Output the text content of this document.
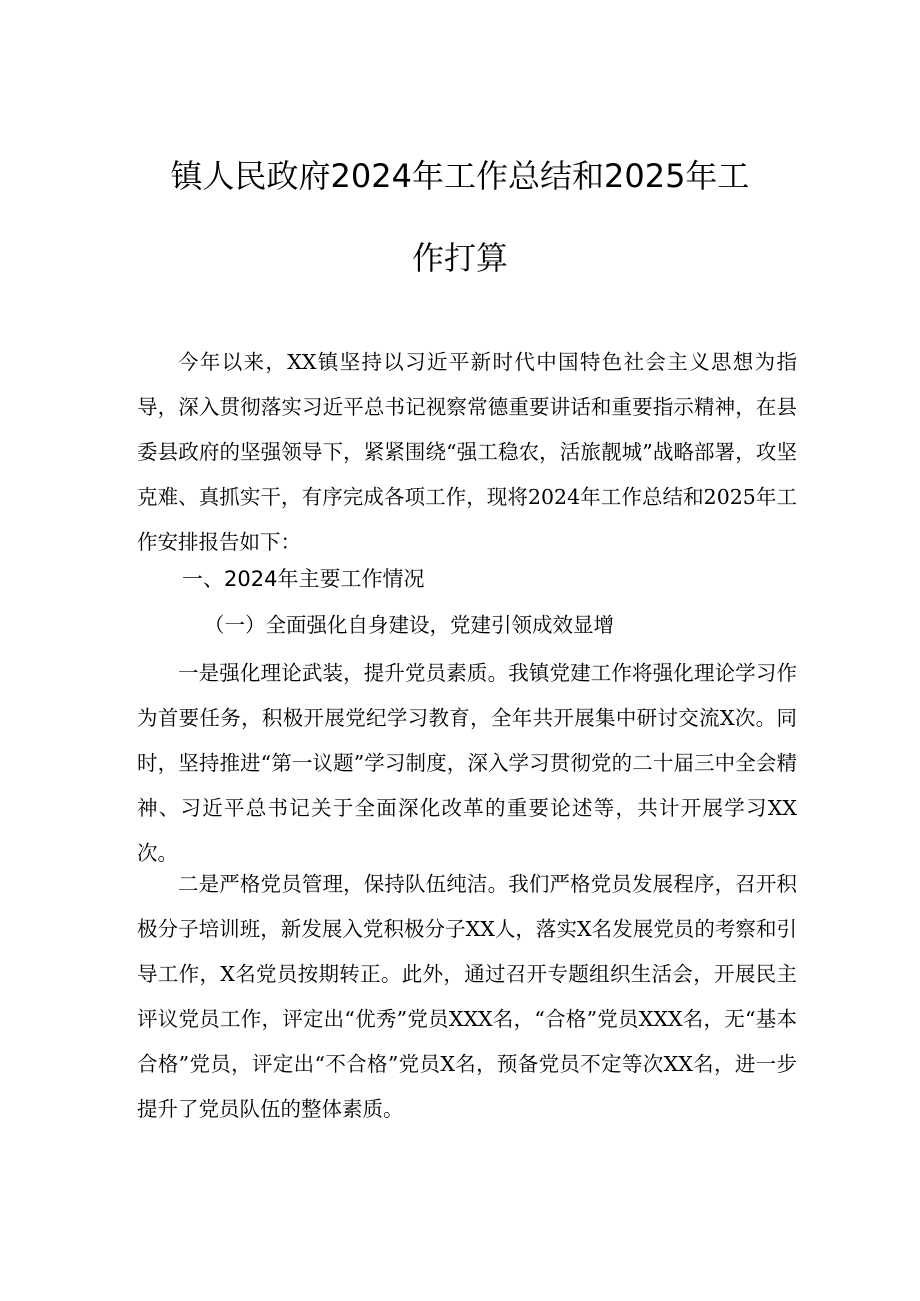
镇人民政府2024年工作总结和2025年工
作打算
今年以来，XX镇坚持以习近平新时代中国特色社会主义思想为指导，深入贯彻落实习近平总书记视察常德重要讲话和重要指示精神，在县委县政府的坚强领导下，紧紧围绕“强工稳农，活旅靓城”战略部署，攻坚克难、真抓实干，有序完成各项工作，现将2024年工作总结和2025年工作安排报告如下：
一、2024年主要工作情况
（一）全面强化自身建设，党建引领成效显增
一是强化理论武装，提升党员素质。我镇党建工作将强化理论学习作为首要任务，积极开展党纪学习教育，全年共开展集中研讨交流X次。同时，坚持推进“第一议题”学习制度，深入学习贯彻党的二十届三中全会精神、习近平总书记关于全面深化改革的重要论述等，共计开展学习XX次。
二是严格党员管理，保持队伍纯洁。我们严格党员发展程序，召开积极分子培训班，新发展入党积极分子XX人，落实X名发展党员的考察和引导工作，X名党员按期转正。此外，通过召开专题组织生活会，开展民主评议党员工作，评定出“优秀”党员XXX名，“合格”党员XXX名，无“基本合格”党员，评定出“不合格”党员X名，预备党员不定等次XX名，进一步提升了党员队伍的整体素质。
